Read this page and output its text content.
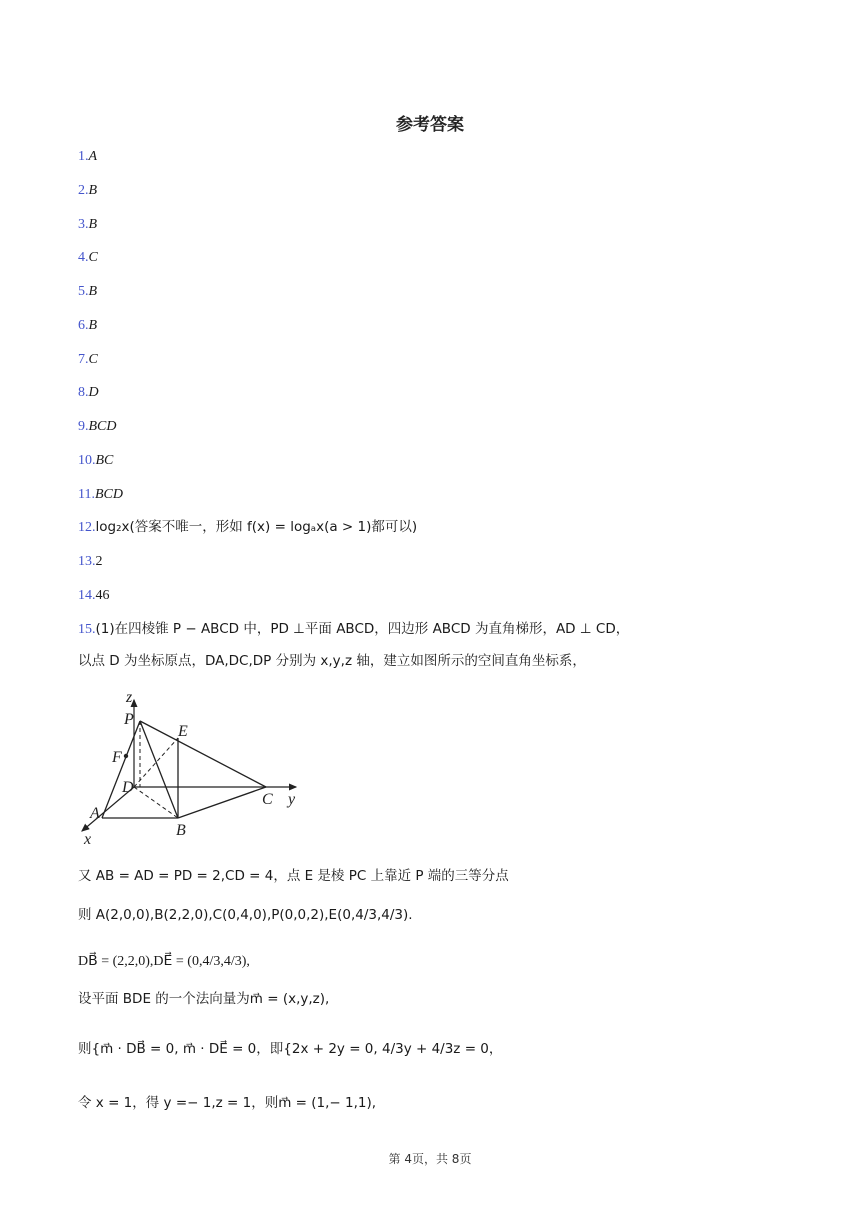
参考答案
1.A
2.B
3.B
4.C
5.B
6.B
7.C
8.D
9.BCD
10.BC
11.BCD
12.log₂x(答案不唯一，形如 f(x) = logₐx(a > 1)都可以)
13.2
14.46
15.(1)在四棱锥 P − ABCD 中，PD ⊥平面 ABCD，四边形 ABCD 为直角梯形，AD ⊥ CD，
以点 D 为坐标原点，DA,DC,DP 分别为 x,y,z 轴，建立如图所示的空间直角坐标系，
z
P
E
F
D
C y
A
B
x
又 AB = AD = PD = 2,CD = 4，点 E 是棱 PC 上靠近 P 端的三等分点
则 A(2,0,0),B(2,2,0),C(0,4,0),P(0,0,2),E(0,4/3,4/3).
DB⃗ = (2,2,0),DE⃗ = (0,4/3,4/3),
设平面 BDE 的一个法向量为m⃗ = (x,y,z),
则{m⃗ · DB⃗ = 0, m⃗ · DE⃗ = 0，即{2x + 2y = 0, 4/3y + 4/3z = 0，
令 x = 1，得 y =− 1,z = 1，则m⃗ = (1,− 1,1),
第 4页，共 8页
